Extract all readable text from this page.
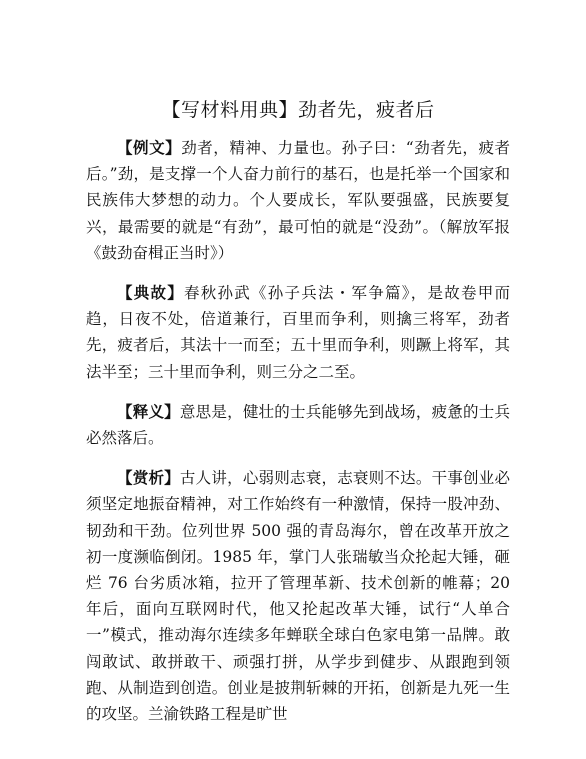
【写材料用典】劲者先，疲者后

【例文】劲者，精神、力量也。孙子曰：“劲者先，疲者后。”劲，是支撑一个人奋力前行的基石，也是托举一个国家和民族伟大梦想的动力。个人要成长，军队要强盛，民族要复兴，最需要的就是“有劲”，最可怕的就是“没劲”。（解放军报《鼓劲奋楫正当时》）

【典故】春秋孙武《孙子兵法・军争篇》，是故卷甲而趋，日夜不处，倍道兼行，百里而争利，则擒三将军，劲者先，疲者后，其法十一而至；五十里而争利，则蹶上将军，其法半至；三十里而争利，则三分之二至。

【释义】意思是，健壮的士兵能够先到战场，疲惫的士兵必然落后。

【赏析】古人讲，心弱则志衰，志衰则不达。干事创业必须坚定地振奋精神，对工作始终有一种激情，保持一股冲劲、韧劲和干劲。位列世界 500 强的青岛海尔，曾在改革开放之初一度濒临倒闭。1985 年，掌门人张瑞敏当众抡起大锤，砸烂 76 台劣质冰箱，拉开了管理革新、技术创新的帷幕；20 年后，面向互联网时代，他又抡起改革大锤，试行“人单合一”模式，推动海尔连续多年蝉联全球白色家电第一品牌。敢闯敢试、敢拼敢干、顽强打拼，从学步到健步、从跟跑到领跑、从制造到创造。创业是披荆斩棘的开拓，创新是九死一生的攻坚。兰渝铁路工程是旷世
